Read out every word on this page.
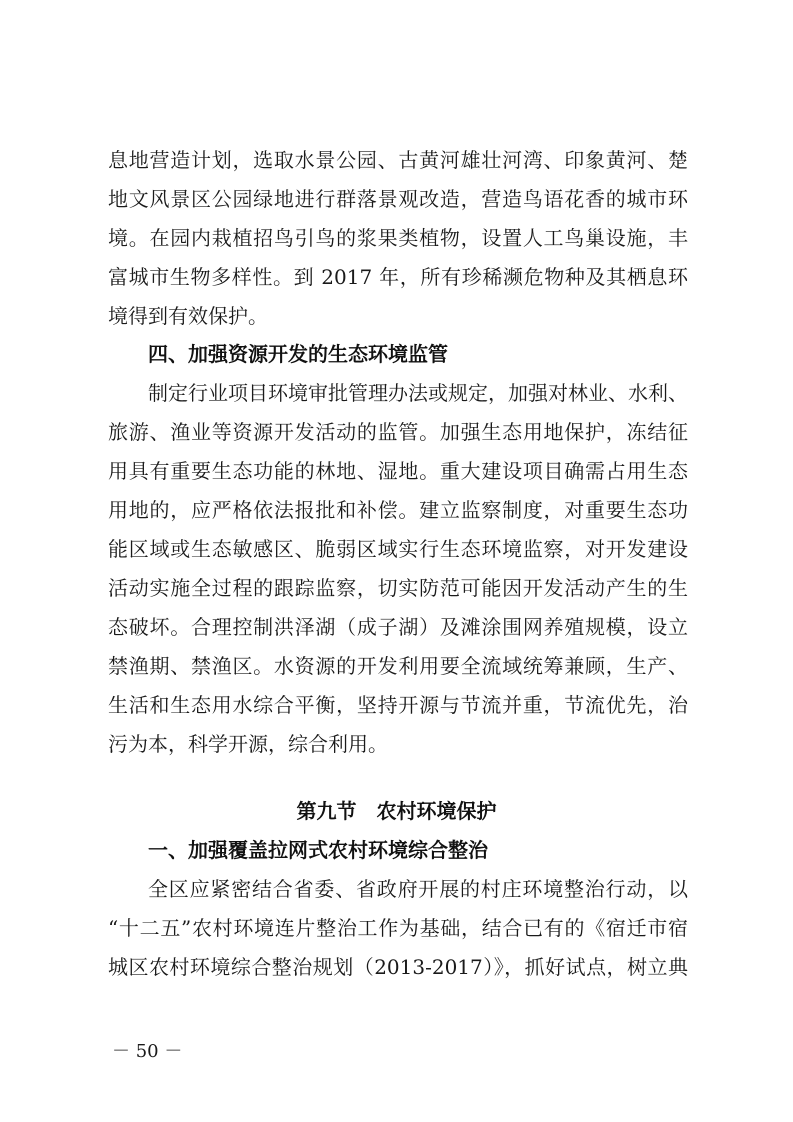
息地营造计划，选取水景公园、古黄河雄壮河湾、印象黄河、楚
地文风景区公园绿地进行群落景观改造，营造鸟语花香的城市环
境。在园内栽植招鸟引鸟的浆果类植物，设置人工鸟巢设施，丰
富城市生物多样性。到 2017 年，所有珍稀濒危物种及其栖息环
境得到有效保护。
四、加强资源开发的生态环境监管
制定行业项目环境审批管理办法或规定，加强对林业、水利、
旅游、渔业等资源开发活动的监管。加强生态用地保护，冻结征
用具有重要生态功能的林地、湿地。重大建设项目确需占用生态
用地的，应严格依法报批和补偿。建立监察制度，对重要生态功
能区域或生态敏感区、脆弱区域实行生态环境监察，对开发建设
活动实施全过程的跟踪监察，切实防范可能因开发活动产生的生
态破坏。合理控制洪泽湖（成子湖）及滩涂围网养殖规模，设立
禁渔期、禁渔区。水资源的开发利用要全流域统筹兼顾，生产、
生活和生态用水综合平衡，坚持开源与节流并重，节流优先，治
污为本，科学开源，综合利用。
第九节　农村环境保护
一、加强覆盖拉网式农村环境综合整治
全区应紧密结合省委、省政府开展的村庄环境整治行动，以
“十二五”农村环境连片整治工作为基础，结合已有的《宿迁市宿
城区农村环境综合整治规划（2013-2017）》，抓好试点，树立典
－ 50 －
